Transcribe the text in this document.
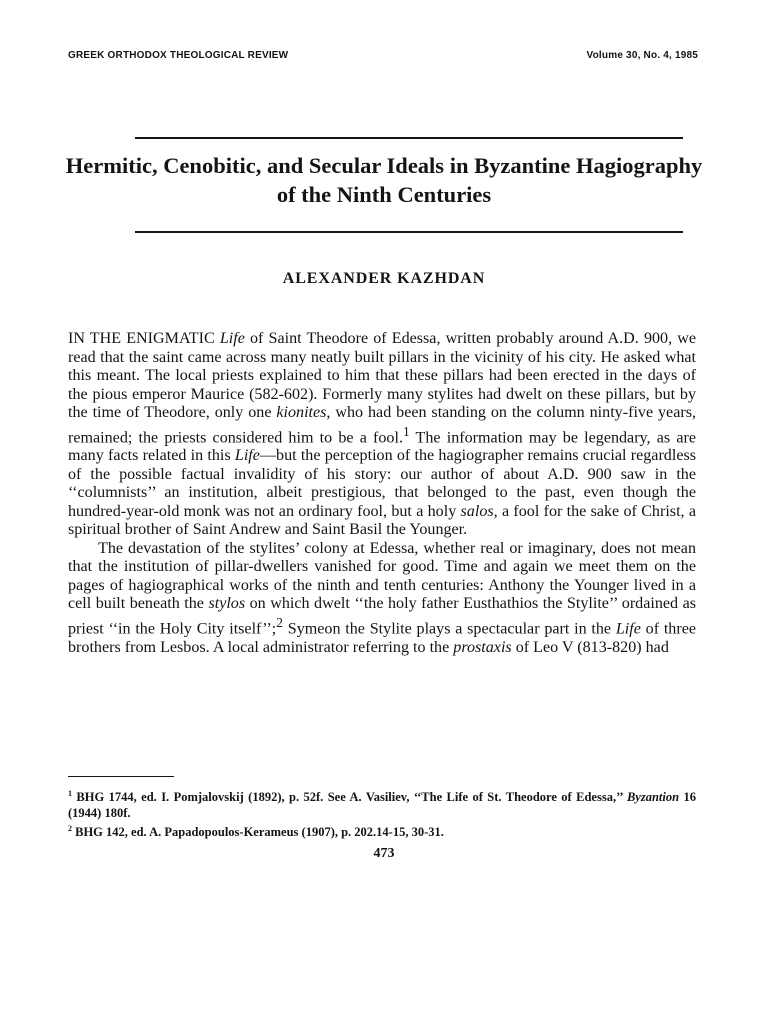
GREEK ORTHODOX THEOLOGICAL REVIEW	Volume 30, No. 4, 1985
Hermitic, Cenobitic, and Secular Ideals in Byzantine Hagiography of the Ninth Centuries
ALEXANDER KAZHDAN

IN THE ENIGMATIC Life of Saint Theodore of Edessa, written probably around A.D. 900, we read that the saint came across many neatly built pillars in the vicinity of his city. He asked what this meant. The local priests explained to him that these pillars had been erected in the days of the pious emperor Maurice (582-602). Formerly many stylites had dwelt on these pillars, but by the time of Theodore, only one kionites, who had been standing on the column ninty-five years, remained; the priests considered him to be a fool.$^1$ The information may be legendary, as are many facts related in this Life—but the perception of the hagiographer remains crucial regardless of the possible factual invalidity of his story: our author of about A.D. 900 saw in the ‘‘columnists’’ an institution, albeit prestigious, that belonged to the past, even though the hundred-year-old monk was not an ordinary fool, but a holy salos, a fool for the sake of Christ, a spiritual brother of Saint Andrew and Saint Basil the Younger.

The devastation of the stylites’ colony at Edessa, whether real or imaginary, does not mean that the institution of pillar-dwellers vanished for good. Time and again we meet them on the pages of hagiographical works of the ninth and tenth centuries: Anthony the Younger lived in a cell built beneath the stylos on which dwelt ‘‘the holy father Eusthathios the Stylite’’ ordained as priest ‘‘in the Holy City itself’’;$^2$ Symeon the Stylite plays a spectacular part in the Life of three brothers from Lesbos. A local administrator referring to the prostaxis of Leo V (813-820) had

$^1$ BHG 1744, ed. I. Pomjalovskij (1892), p. 52f. See A. Vasiliev, ‘‘The Life of St. Theodore of Edessa,’’ Byzantion 16 (1944) 180f.

$^2$ BHG 142, ed. A. Papadopoulos-Kerameus (1907), p. 202.14-15, 30-31.

473
